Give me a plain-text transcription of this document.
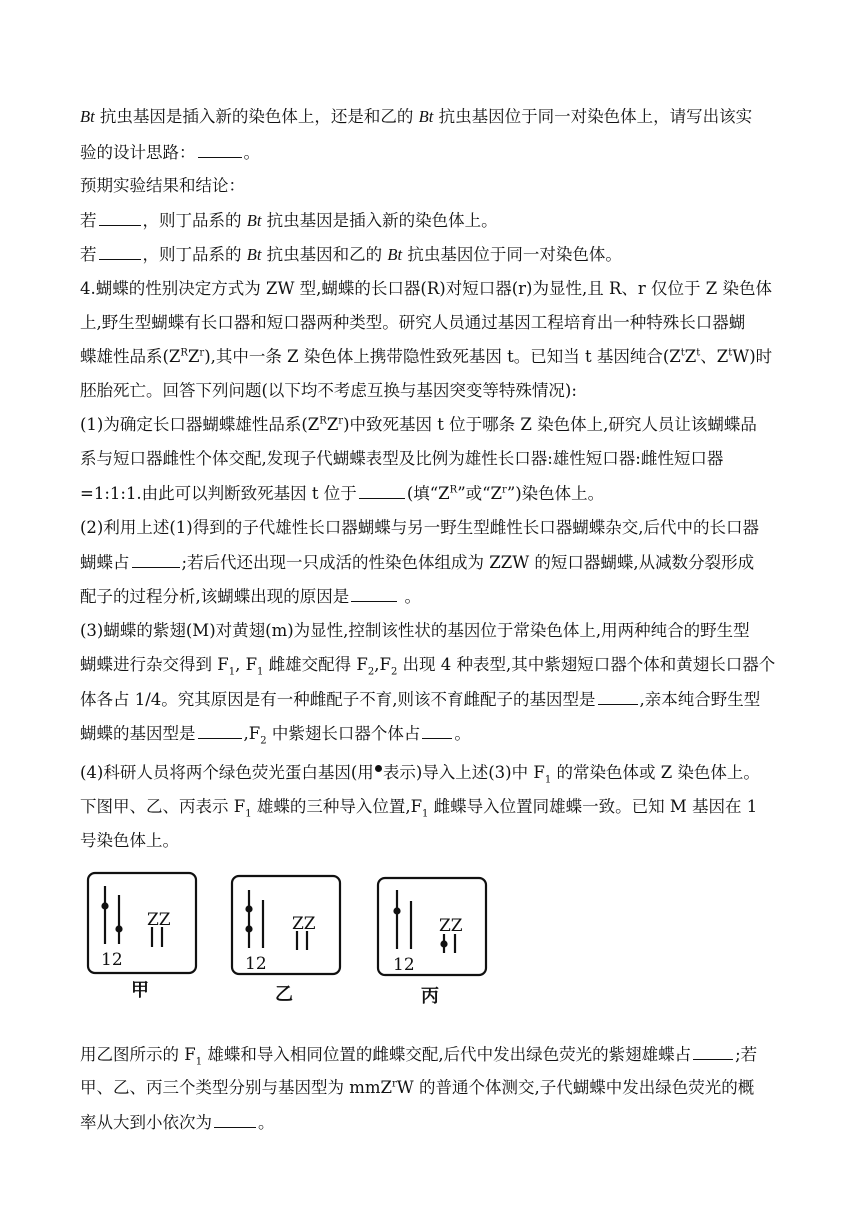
Bt 抗虫基因是插入新的染色体上，还是和乙的 Bt 抗虫基因位于同一对染色体上，请写出该实
验的设计思路：	。
预期实验结果和结论：
若	，则丁品系的 Bt 抗虫基因是插入新的染色体上。
若	，则丁品系的 Bt 抗虫基因和乙的 Bt 抗虫基因位于同一对染色体。
4.蝴蝶的性别决定方式为 ZW 型,蝴蝶的长口器(R)对短口器(r)为显性,且 R、r 仅位于 Z 染色体
上,野生型蝴蝶有长口器和短口器两种类型。研究人员通过基因工程培育出一种特殊长口器蝴
蝶雄性品系$(Z^RZ^r)$,其中一条 Z 染色体上携带隐性致死基因 t。已知当 t 基因纯合($Z^tZ^t$、$Z^tW$)时
胚胎死亡。回答下列问题(以下均不考虑互换与基因突变等特殊情况):
(1)为确定长口器蝴蝶雄性品系$(Z^RZ^r)$中致死基因 t 位于哪条 Z 染色体上,研究人员让该蝴蝶品
系与短口器雌性个体交配,发现子代蝴蝶表型及比例为雄性长口器:雄性短口器:雌性短口器
=1:1:1.由此可以判断致死基因 t 位于	(填“$Z^R$”或“$Z^r$”)染色体上。
(2)利用上述(1)得到的子代雄性长口器蝴蝶与另一野生型雌性长口器蝴蝶杂交,后代中的长口器
蝴蝶占	;若后代还出现一只成活的性染色体组成为 ZZW 的短口器蝴蝶,从减数分裂形成
配子的过程分析,该蝴蝶出现的原因是	。
(3)蝴蝶的紫翅(M)对黄翅(m)为显性,控制该性状的基因位于常染色体上,用两种纯合的野生型
蝴蝶进行杂交得到 $F_1$, $F_1$ 雌雄交配得 $F_2,F_2$ 出现 4 种表型,其中紫翅短口器个体和黄翅长口器个
体各占 1/4。究其原因是有一种雌配子不育,则该不育雌配子的基因型是	,亲本纯合野生型
蝴蝶的基因型是	$,F_2$ 中紫翅长口器个体占 。
(4)科研人员将两个绿色荧光蛋白基因(用 表示)导入上述(3)中 $F_1$ 的常染色体或 Z 染色体上。
下图甲、乙、丙表示 $F_1$ 雄蝶的三种导入位置$,F_1$ 雌蝶导入位置同雄蝶一致。已知 M 基因在 1
号染色体上。
12
ZZ
12
ZZ
12
ZZ
甲	乙	丙
用乙图所示的 $F_1$ 雄蝶和导入相同位置的雌蝶交配,后代中发出绿色荧光的紫翅雄蝶占	;若
甲、乙、丙三个类型分别与基因型为 mmZ$^r$W 的普通个体测交,子代蝴蝶中发出绿色荧光的概
率从大到小依次为	。
